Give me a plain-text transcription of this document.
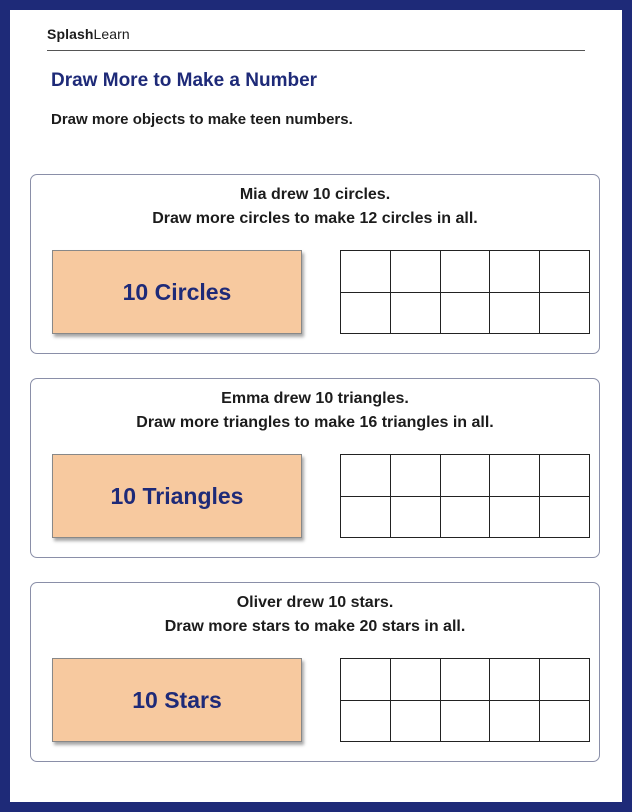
SplashLearn
Draw More to Make a Number
Draw more objects to make teen numbers.
Mia drew 10 circles.
Draw more circles to make 12 circles in all.
10 Circles

Emma drew 10 triangles.
Draw more triangles to make 16 triangles in all.
10 Triangles

Oliver drew 10 stars.
Draw more stars to make 20 stars in all.
10 Stars
